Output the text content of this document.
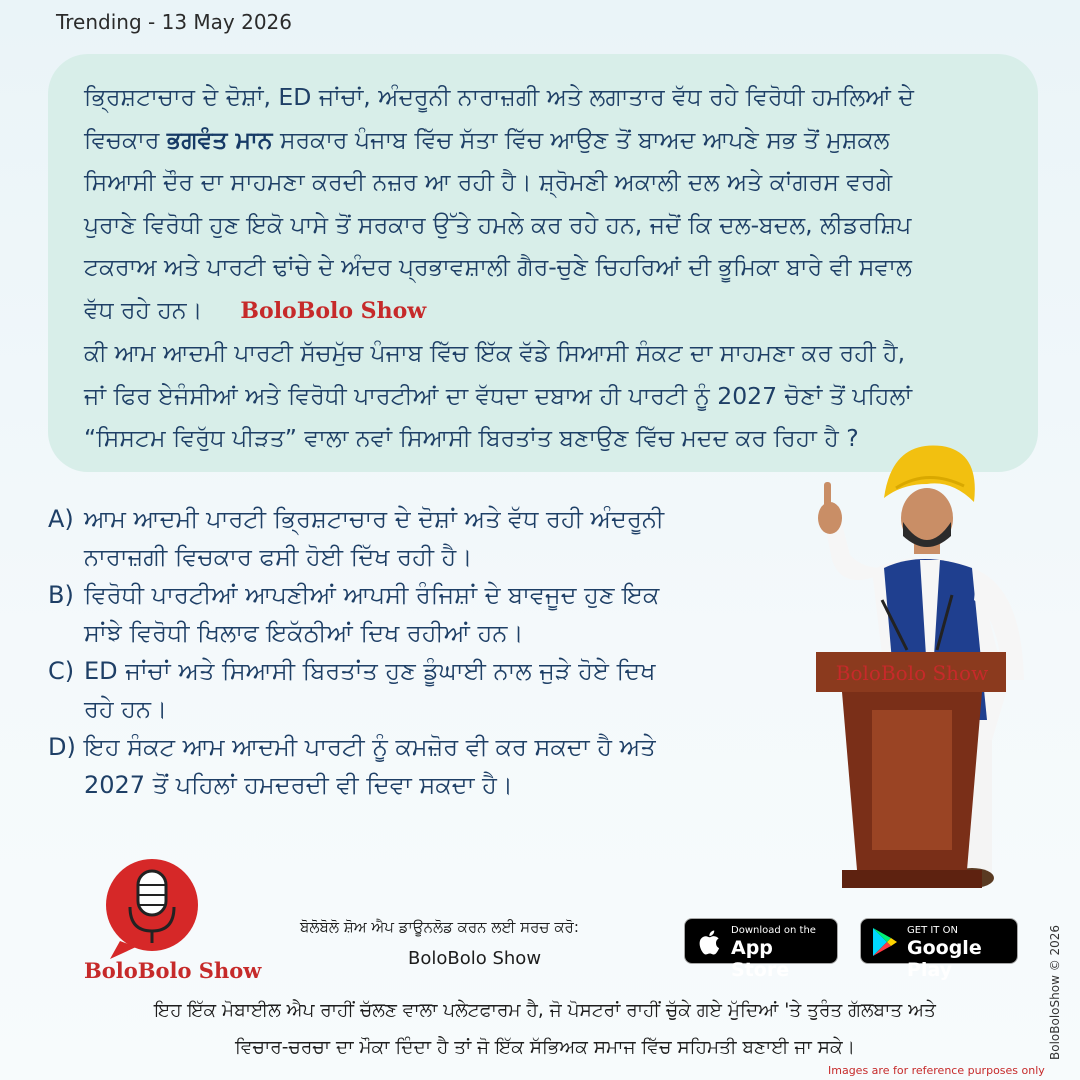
Trending - 13 May 2026

ਭ੍ਰਿਸ਼ਟਾਚਾਰ ਦੇ ਦੋਸ਼ਾਂ, ED ਜਾਂਚਾਂ, ਅੰਦਰੂਨੀ ਨਾਰਾਜ਼ਗੀ ਅਤੇ ਲਗਾਤਾਰ ਵੱਧ ਰਹੇ ਵਿਰੋਧੀ ਹਮਲਿਆਂ ਦੇ

ਵਿਚਕਾਰ ਭਗਵੰਤ ਮਾਨ ਸਰਕਾਰ ਪੰਜਾਬ ਵਿੱਚ ਸੱਤਾ ਵਿੱਚ ਆਉਣ ਤੋਂ ਬਾਅਦ ਆਪਣੇ ਸਭ ਤੋਂ ਮੁਸ਼ਕਲ

ਸਿਆਸੀ ਦੌਰ ਦਾ ਸਾਹਮਣਾ ਕਰਦੀ ਨਜ਼ਰ ਆ ਰਹੀ ਹੈ। ਸ਼੍ਰੋਮਣੀ ਅਕਾਲੀ ਦਲ ਅਤੇ ਕਾਂਗਰਸ ਵਰਗੇ

ਪੁਰਾਣੇ ਵਿਰੋਧੀ ਹੁਣ ਇਕੋ ਪਾਸੇ ਤੋਂ ਸਰਕਾਰ ਉੱਤੇ ਹਮਲੇ ਕਰ ਰਹੇ ਹਨ, ਜਦੋਂ ਕਿ ਦਲ-ਬਦਲ, ਲੀਡਰਸ਼ਿਪ

ਟਕਰਾਅ ਅਤੇ ਪਾਰਟੀ ਢਾਂਚੇ ਦੇ ਅੰਦਰ ਪ੍ਰਭਾਵਸ਼ਾਲੀ ਗੈਰ-ਚੁਣੇ ਚਿਹਰਿਆਂ ਦੀ ਭੂਮਿਕਾ ਬਾਰੇ ਵੀ ਸਵਾਲ

ਵੱਧ ਰਹੇ ਹਨ। BoloBolo Show

ਕੀ ਆਮ ਆਦਮੀ ਪਾਰਟੀ ਸੱਚਮੁੱਚ ਪੰਜਾਬ ਵਿੱਚ ਇੱਕ ਵੱਡੇ ਸਿਆਸੀ ਸੰਕਟ ਦਾ ਸਾਹਮਣਾ ਕਰ ਰਹੀ ਹੈ,

ਜਾਂ ਫਿਰ ਏਜੰਸੀਆਂ ਅਤੇ ਵਿਰੋਧੀ ਪਾਰਟੀਆਂ ਦਾ ਵੱਧਦਾ ਦਬਾਅ ਹੀ ਪਾਰਟੀ ਨੂੰ 2027 ਚੋਣਾਂ ਤੋਂ ਪਹਿਲਾਂ

“ਸਿਸਟਮ ਵਿਰੁੱਧ ਪੀੜਤ” ਵਾਲਾ ਨਵਾਂ ਸਿਆਸੀ ਬਿਰਤਾਂਤ ਬਣਾਉਣ ਵਿੱਚ ਮਦਦ ਕਰ ਰਿਹਾ ਹੈ ?

A) ਆਮ ਆਦਮੀ ਪਾਰਟੀ ਭ੍ਰਿਸ਼ਟਾਚਾਰ ਦੇ ਦੋਸ਼ਾਂ ਅਤੇ ਵੱਧ ਰਹੀ ਅੰਦਰੂਨੀ
ਨਾਰਾਜ਼ਗੀ ਵਿਚਕਾਰ ਫਸੀ ਹੋਈ ਦਿੱਖ ਰਹੀ ਹੈ।
B) ਵਿਰੋਧੀ ਪਾਰਟੀਆਂ ਆਪਣੀਆਂ ਆਪਸੀ ਰੰਜਿਸ਼ਾਂ ਦੇ ਬਾਵਜੂਦ ਹੁਣ ਇਕ
ਸਾਂਝੇ ਵਿਰੋਧੀ ਖਿਲਾਫ ਇਕੱਠੀਆਂ ਦਿਖ ਰਹੀਆਂ ਹਨ।
C) ED ਜਾਂਚਾਂ ਅਤੇ ਸਿਆਸੀ ਬਿਰਤਾਂਤ ਹੁਣ ਡੂੰਘਾਈ ਨਾਲ ਜੁੜੇ ਹੋਏ ਦਿਖ
ਰਹੇ ਹਨ।
D) ਇਹ ਸੰਕਟ ਆਮ ਆਦਮੀ ਪਾਰਟੀ ਨੂੰ ਕਮਜ਼ੋਰ ਵੀ ਕਰ ਸਕਦਾ ਹੈ ਅਤੇ
2027 ਤੋਂ ਪਹਿਲਾਂ ਹਮਦਰਦੀ ਵੀ ਦਿਵਾ ਸਕਦਾ ਹੈ।
BoloBolo Show
BoloBolo Show
ਬੋਲੋਬੋਲੋ ਸ਼ੋਅ ਐਪ ਡਾਊਨਲੋਡ ਕਰਨ ਲਈ ਸਰਚ ਕਰੋ:
BoloBolo Show
Download on the
App Store
GET IT ON
Google Play
ਇਹ ਇੱਕ ਮੋਬਾਈਲ ਐਪ ਰਾਹੀਂ ਚੱਲਣ ਵਾਲਾ ਪਲੇਟਫਾਰਮ ਹੈ, ਜੋ ਪੋਸਟਰਾਂ ਰਾਹੀਂ ਚੁੱਕੇ ਗਏ ਮੁੱਦਿਆਂ 'ਤੇ ਤੁਰੰਤ ਗੱਲਬਾਤ ਅਤੇ
ਵਿਚਾਰ-ਚਰਚਾ ਦਾ ਮੌਕਾ ਦਿੰਦਾ ਹੈ ਤਾਂ ਜੋ ਇੱਕ ਸੱਭਿਅਕ ਸਮਾਜ ਵਿੱਚ ਸਹਿਮਤੀ ਬਣਾਈ ਜਾ ਸਕੇ।	BoloBoloShow © 2026
Images are for reference purposes only
